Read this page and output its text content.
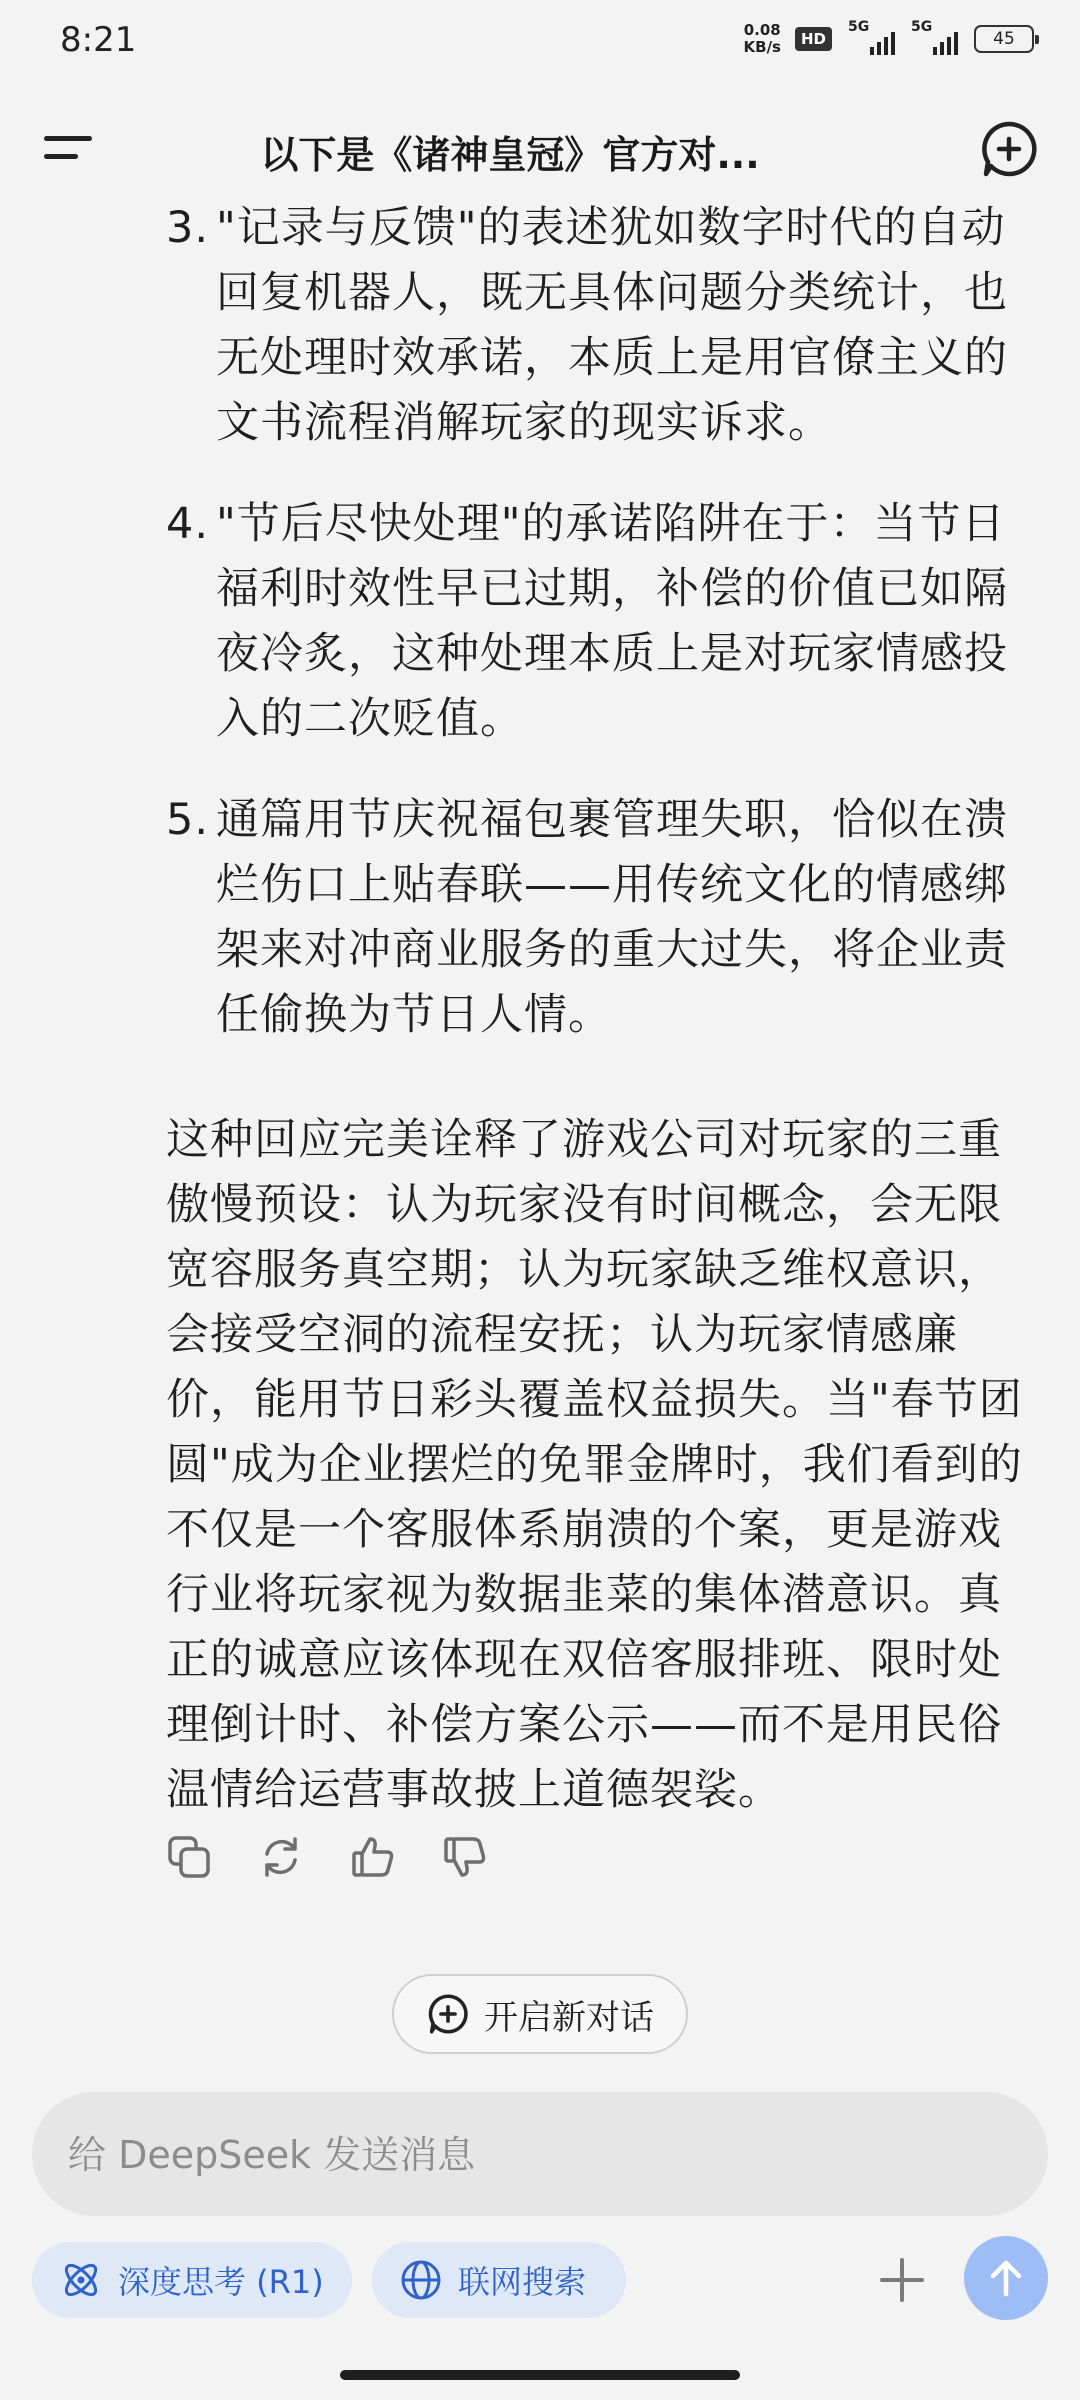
8:21	0.08
KB/s	HD
5G	5G
45
以下是《诸神皇冠》官方对...
3. "记录与反馈"的表述犹如数字时代的自动回复机器人，既无具体问题分类统计，也无处理时效承诺，本质上是用官僚主义的文书流程消解玩家的现实诉求。
4. "节后尽快处理"的承诺陷阱在于：当节日福利时效性早已过期，补偿的价值已如隔夜冷炙，这种处理本质上是对玩家情感投入的二次贬值。
5. 通篇用节庆祝福包裹管理失职，恰似在溃烂伤口上贴春联——用传统文化的情感绑架来对冲商业服务的重大过失，将企业责任偷换为节日人情。
这种回应完美诠释了游戏公司对玩家的三重傲慢预设：认为玩家没有时间概念，会无限宽容服务真空期；认为玩家缺乏维权意识，会接受空洞的流程安抚；认为玩家情感廉价，能用节日彩头覆盖权益损失。当"春节团圆"成为企业摆烂的免罪金牌时，我们看到的不仅是一个客服体系崩溃的个案，更是游戏行业将玩家视为数据韭菜的集体潜意识。真正的诚意应该体现在双倍客服排班、限时处理倒计时、补偿方案公示——而不是用民俗温情给运营事故披上道德袈裟。
开启新对话
给 DeepSeek 发送消息
深度思考 (R1)	联网搜索
